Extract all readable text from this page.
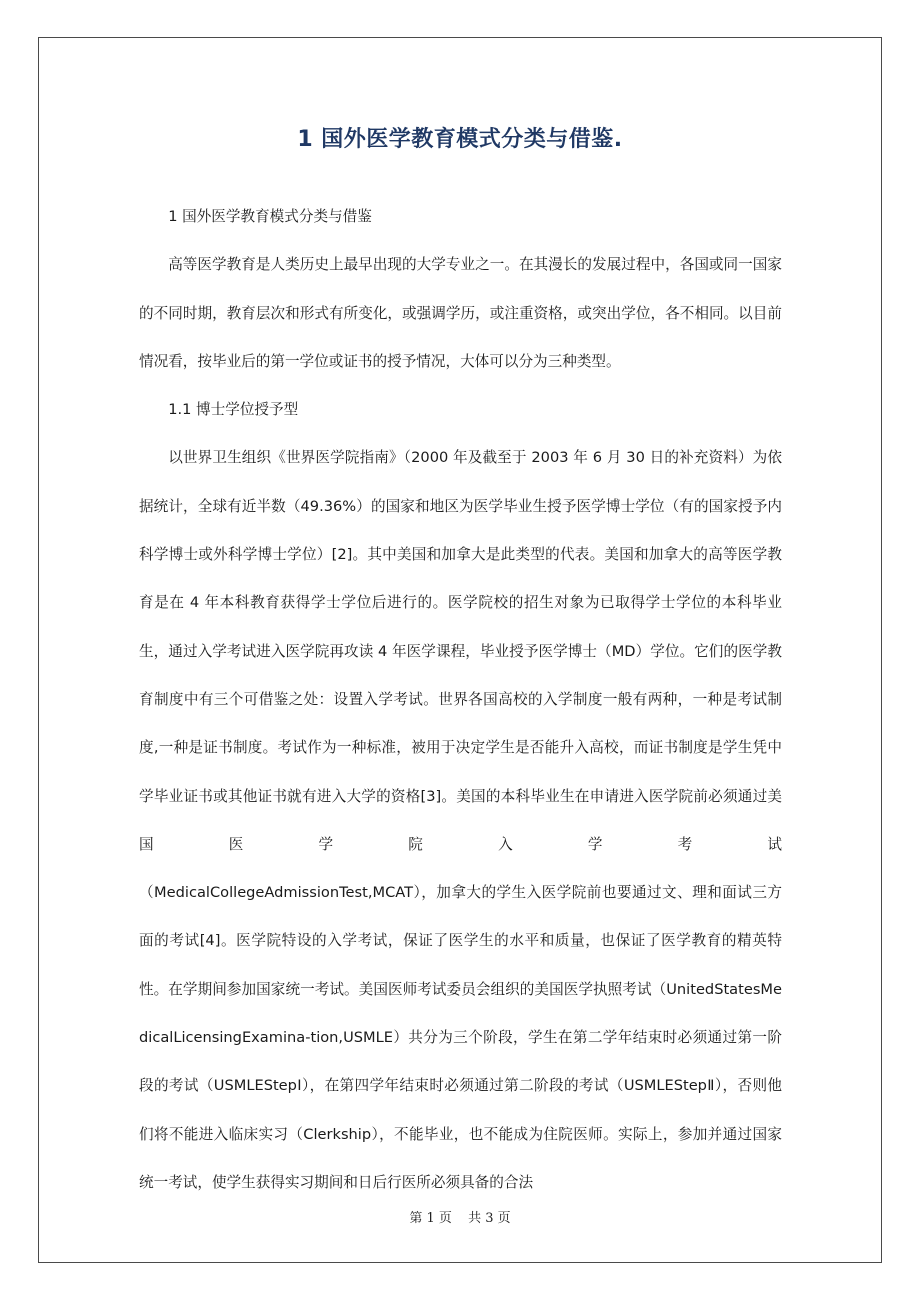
1 国外医学教育模式分类与借鉴.

1 国外医学教育模式分类与借鉴

高等医学教育是人类历史上最早出现的大学专业之一。在其漫长的发展过程中，各国或同一国家的不同时期，教育层次和形式有所变化，或强调学历，或注重资格，或突出学位，各不相同。以目前情况看，按毕业后的第一学位或证书的授予情况，大体可以分为三种类型。

1.1 博士学位授予型

以世界卫生组织《世界医学院指南》（2000 年及截至于 2003 年 6 月 30 日的补充资料）为依据统计，全球有近半数（49.36%）的国家和地区为医学毕业生授予医学博士学位（有的国家授予内科学博士或外科学博士学位）[2]。其中美国和加拿大是此类型的代表。美国和加拿大的高等医学教育是在 4 年本科教育获得学士学位后进行的。医学院校的招生对象为已取得学士学位的本科毕业生，通过入学考试进入医学院再攻读 4 年医学课程，毕业授予医学博士（MD）学位。它们的医学教育制度中有三个可借鉴之处：设置入学考试。世界各国高校的入学制度一般有两种，一种是考试制度,一种是证书制度。考试作为一种标准，被用于决定学生是否能升入高校，而证书制度是学生凭中学毕业证书或其他证书就有进入大学的资格[3]。美国的本科毕业生在申请进入医学院前必须通过美国医学院入学考试

（MedicalCollegeAdmissionTest,MCAT），加拿大的学生入医学院前也要通过文、理和面试三方面的考试[4]。医学院特设的入学考试，保证了医学生的水平和质量，也保证了医学教育的精英特性。在学期间参加国家统一考试。美国医师考试委员会组织的美国医学执照考试（UnitedStatesMedicalLicensingExamina-tion,USMLE）共分为三个阶段，学生在第二学年结束时必须通过第一阶段的考试（USMLEStepⅠ），在第四学年结束时必须通过第二阶段的考试（USMLEStepⅡ），否则他们将不能进入临床实习（Clerkship），不能毕业，也不能成为住院医师。实际上，参加并通过国家统一考试，使学生获得实习期间和日后行医所必须具备的合法

第 1 页 共 3 页
